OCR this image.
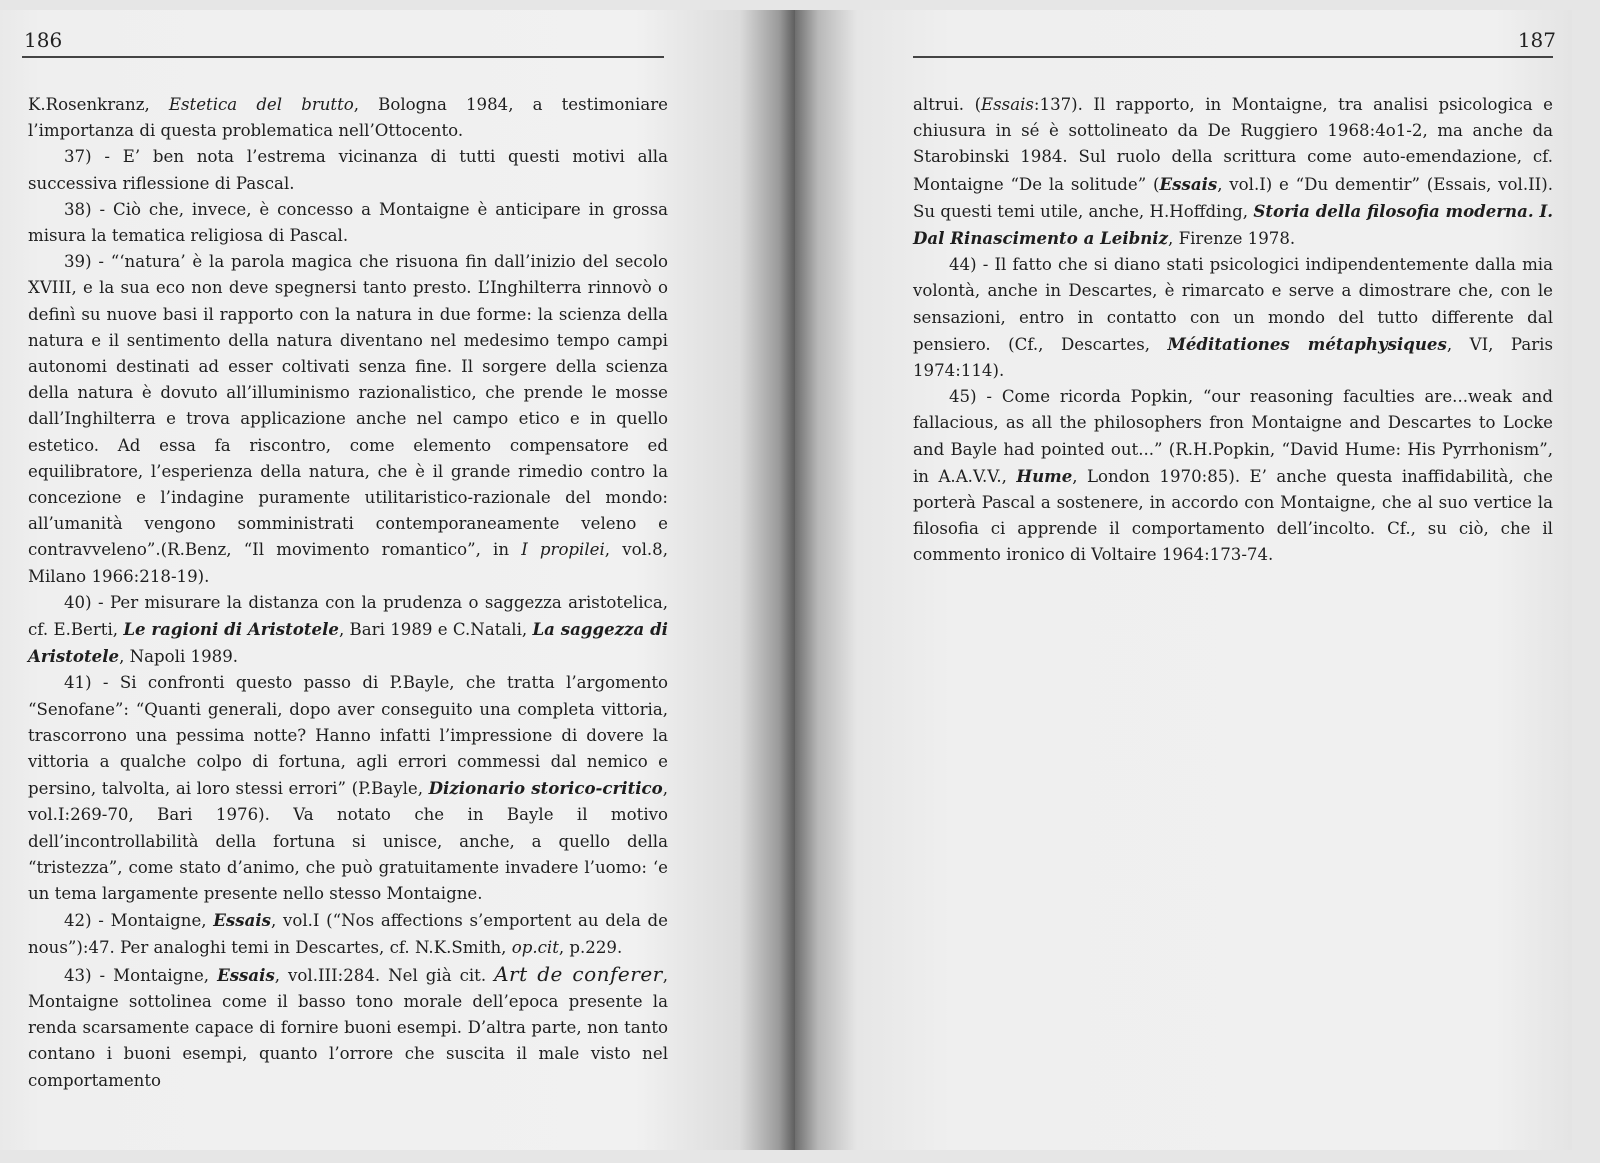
186

K.Rosenkranz, Estetica del brutto, Bologna 1984, a testimoniare l’importanza di questa problematica nell’Ottocento.

37) - E’ ben nota l’estrema vicinanza di tutti questi motivi alla successiva riflessione di Pascal.

38) - Ciò che, invece, è concesso a Montaigne è anticipare in grossa misura la tematica religiosa di Pascal.

39) - “‘natura’ è la parola magica che risuona fin dall’inizio del secolo XVIII, e la sua eco non deve spegnersi tanto presto. L’Inghilterra rinnovò o definì su nuove basi il rapporto con la natura in due forme: la scienza della natura e il sentimento della natura diventano nel medesimo tempo campi autonomi destinati ad esser coltivati senza fine. Il sorgere della scienza della natura è dovuto all’illuminismo razionalistico, che prende le mosse dall’Inghilterra e trova applicazione anche nel campo etico e in quello estetico. Ad essa fa riscontro, come elemento compensatore ed equilibratore, l’esperienza della natura, che è il grande rimedio contro la concezione e l’indagine puramente utilitaristico-razionale del mondo: all’umanità vengono somministrati contemporaneamente veleno e contravveleno”.(R.Benz, “Il movimento romantico”, in I propilei, vol.8, Milano 1966:218-19).

40) - Per misurare la distanza con la prudenza o saggezza aristotelica, cf. E.Berti, Le ragioni di Aristotele, Bari 1989 e C.Natali, La saggezza di Aristotele, Napoli 1989.

41) - Si confronti questo passo di P.Bayle, che tratta l’argomento “Senofane”: “Quanti generali, dopo aver conseguito una completa vittoria, trascorrono una pessima notte? Hanno infatti l’impressione di dovere la vittoria a qualche colpo di fortuna, agli errori commessi dal nemico e persino, talvolta, ai loro stessi errori” (P.Bayle, Dizionario storico-critico, vol.I:269-70, Bari 1976). Va notato che in Bayle il motivo dell’incontrollabilità della fortuna si unisce, anche, a quello della “tristezza”, come stato d’animo, che può gratuitamente invadere l’uomo: ‘e un tema largamente presente nello stesso Montaigne.

42) - Montaigne, Essais, vol.I (“Nos affections s’emportent au dela de nous”):47. Per analoghi temi in Descartes, cf. N.K.Smith, op.cit, p.229.

43) - Montaigne, Essais, vol.III:284. Nel già cit. Art de conferer, Montaigne sottolinea come il basso tono morale dell’epoca presente la renda scarsamente capace di fornire buoni esempi. D’altra parte, non tanto contano i buoni esempi, quanto l’orrore che suscita il male visto nel comportamento

187

altrui. (Essais:137). Il rapporto, in Montaigne, tra analisi psicologica e chiusura in sé è sottolineato da De Ruggiero 1968:4o1-2, ma anche da Starobinski 1984. Sul ruolo della scrittura come auto-emendazione, cf. Montaigne “De la solitude” (Essais, vol.I) e “Du dementir” (Essais, vol.II). Su questi temi utile, anche, H.Hoffding, Storia della filosofia moderna. I. Dal Rinascimento a Leibniz, Firenze 1978.

44) - Il fatto che si diano stati psicologici indipendentemente dalla mia volontà, anche in Descartes, è rimarcato e serve a dimostrare che, con le sensazioni, entro in contatto con un mondo del tutto differente dal pensiero. (Cf., Descartes, Méditationes métaphysiques, VI, Paris 1974:114).

45) - Come ricorda Popkin, “our reasoning faculties are...weak and fallacious, as all the philosophers fron Montaigne and Descartes to Locke and Bayle had pointed out...” (R.H.Popkin, “David Hume: His Pyrrhonism”, in A.A.V.V., Hume, London 1970:85). E’ anche questa inaffidabilità, che porterà Pascal a sostenere, in accordo con Montaigne, che al suo vertice la filosofia ci apprende il comportamento dell’incolto. Cf., su ciò, che il commento ironico di Voltaire 1964:173-74.
